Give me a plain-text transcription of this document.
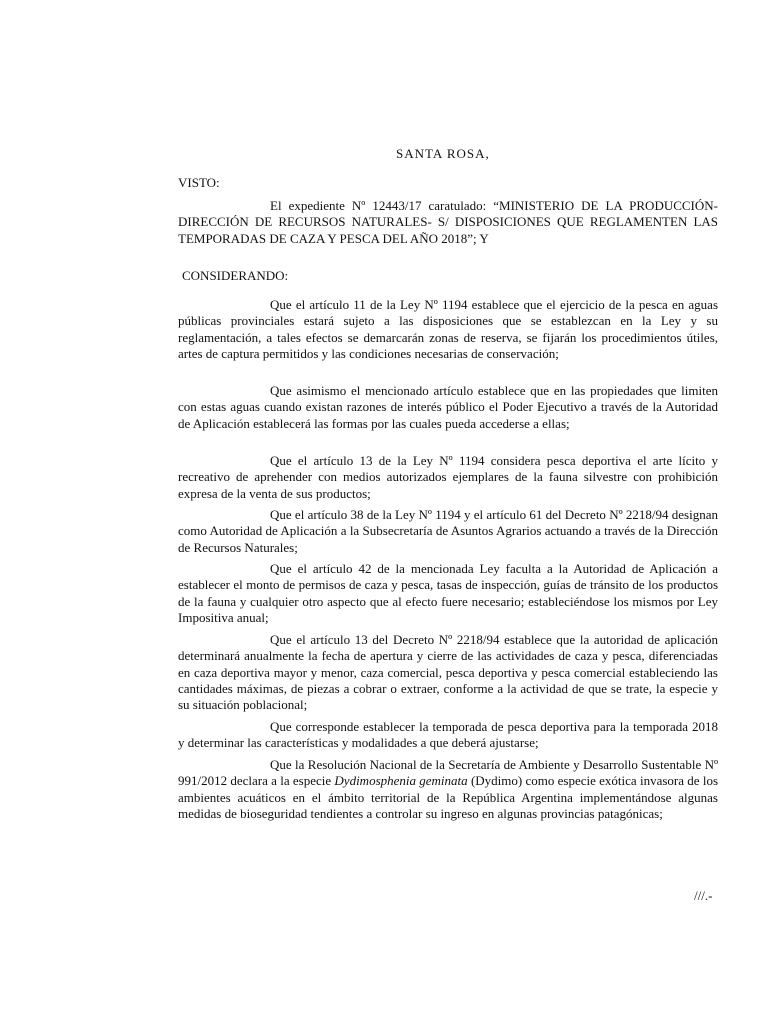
SANTA ROSA,
VISTO:

El expediente Nº 12443/17 caratulado: “MINISTERIO DE LA PRODUCCIÓN- DIRECCIÓN DE RECURSOS NATURALES- S/ DISPOSICIONES QUE REGLAMENTEN LAS TEMPORADAS DE CAZA Y PESCA DEL AÑO 2018”; Y

CONSIDERANDO:

Que el artículo 11 de la Ley Nº 1194 establece que el ejercicio de la pesca en aguas públicas provinciales estará sujeto a las disposiciones que se establezcan en la Ley y su reglamentación, a tales efectos se demarcarán zonas de reserva, se fijarán los procedimientos útiles, artes de captura permitidos y las condiciones necesarias de conservación;

Que asimismo el mencionado artículo establece que en las propiedades que limiten con estas aguas cuando existan razones de interés público el Poder Ejecutivo a través de la Autoridad de Aplicación establecerá las formas por las cuales pueda accederse a ellas;

Que el artículo 13 de la Ley Nº 1194 considera pesca deportiva el arte lícito y recreativo de aprehender con medios autorizados ejemplares de la fauna silvestre con prohibición expresa de la venta de sus productos;

Que el artículo 38 de la Ley Nº 1194 y el artículo 61 del Decreto Nº 2218/94 designan como Autoridad de Aplicación a la Subsecretaría de Asuntos Agrarios actuando a través de la Dirección de Recursos Naturales;

Que el artículo 42 de la mencionada Ley faculta a la Autoridad de Aplicación a establecer el monto de permisos de caza y pesca, tasas de inspección, guías de tránsito de los productos de la fauna y cualquier otro aspecto que al efecto fuere necesario; estableciéndose los mismos por Ley Impositiva anual;

Que el artículo 13 del Decreto Nº 2218/94 establece que la autoridad de aplicación determinará anualmente la fecha de apertura y cierre de las actividades de caza y pesca, diferenciadas en caza deportiva mayor y menor, caza comercial, pesca deportiva y pesca comercial estableciendo las cantidades máximas, de piezas a cobrar o extraer, conforme a la actividad de que se trate, la especie y su situación poblacional;

Que corresponde establecer la temporada de pesca deportiva para la temporada 2018 y determinar las características y modalidades a que deberá ajustarse;

Que la Resolución Nacional de la Secretaría de Ambiente y Desarrollo Sustentable Nº 991/2012 declara a la especie Dydimosphenia geminata (Dydimo) como especie exótica invasora de los ambientes acuáticos en el ámbito territorial de la República Argentina implementándose algunas medidas de bioseguridad tendientes a controlar su ingreso en algunas provincias patagónicas;

///.-
